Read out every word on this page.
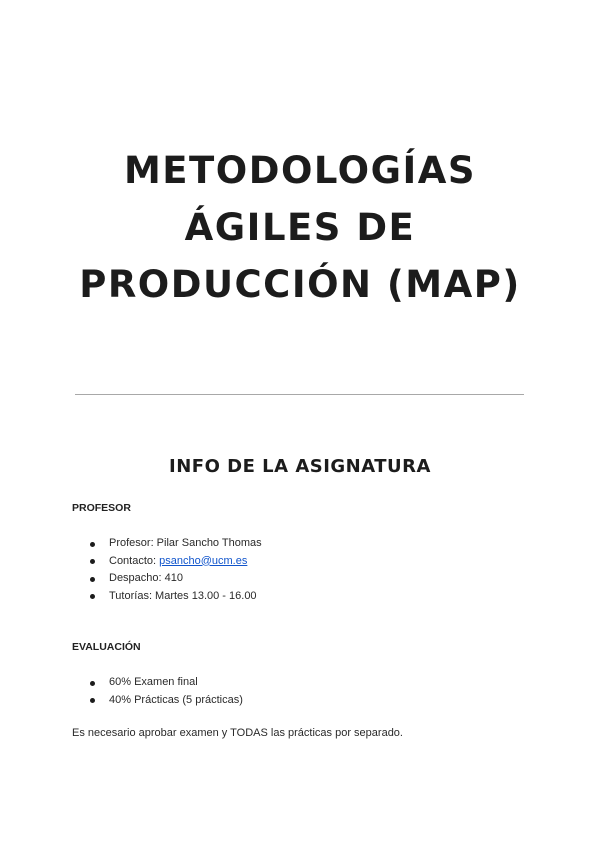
METODOLOGÍAS
ÁGILES DE
PRODUCCIÓN (MAP)
INFO DE LA ASIGNATURA

PROFESOR

Profesor: Pilar Sancho Thomas
Contacto: psancho@ucm.es
Despacho: 410
Tutorías: Martes 13.00 - 16.00

EVALUACIÓN

60% Examen final
40% Prácticas (5 prácticas)

Es necesario aprobar examen y TODAS las prácticas por separado.
